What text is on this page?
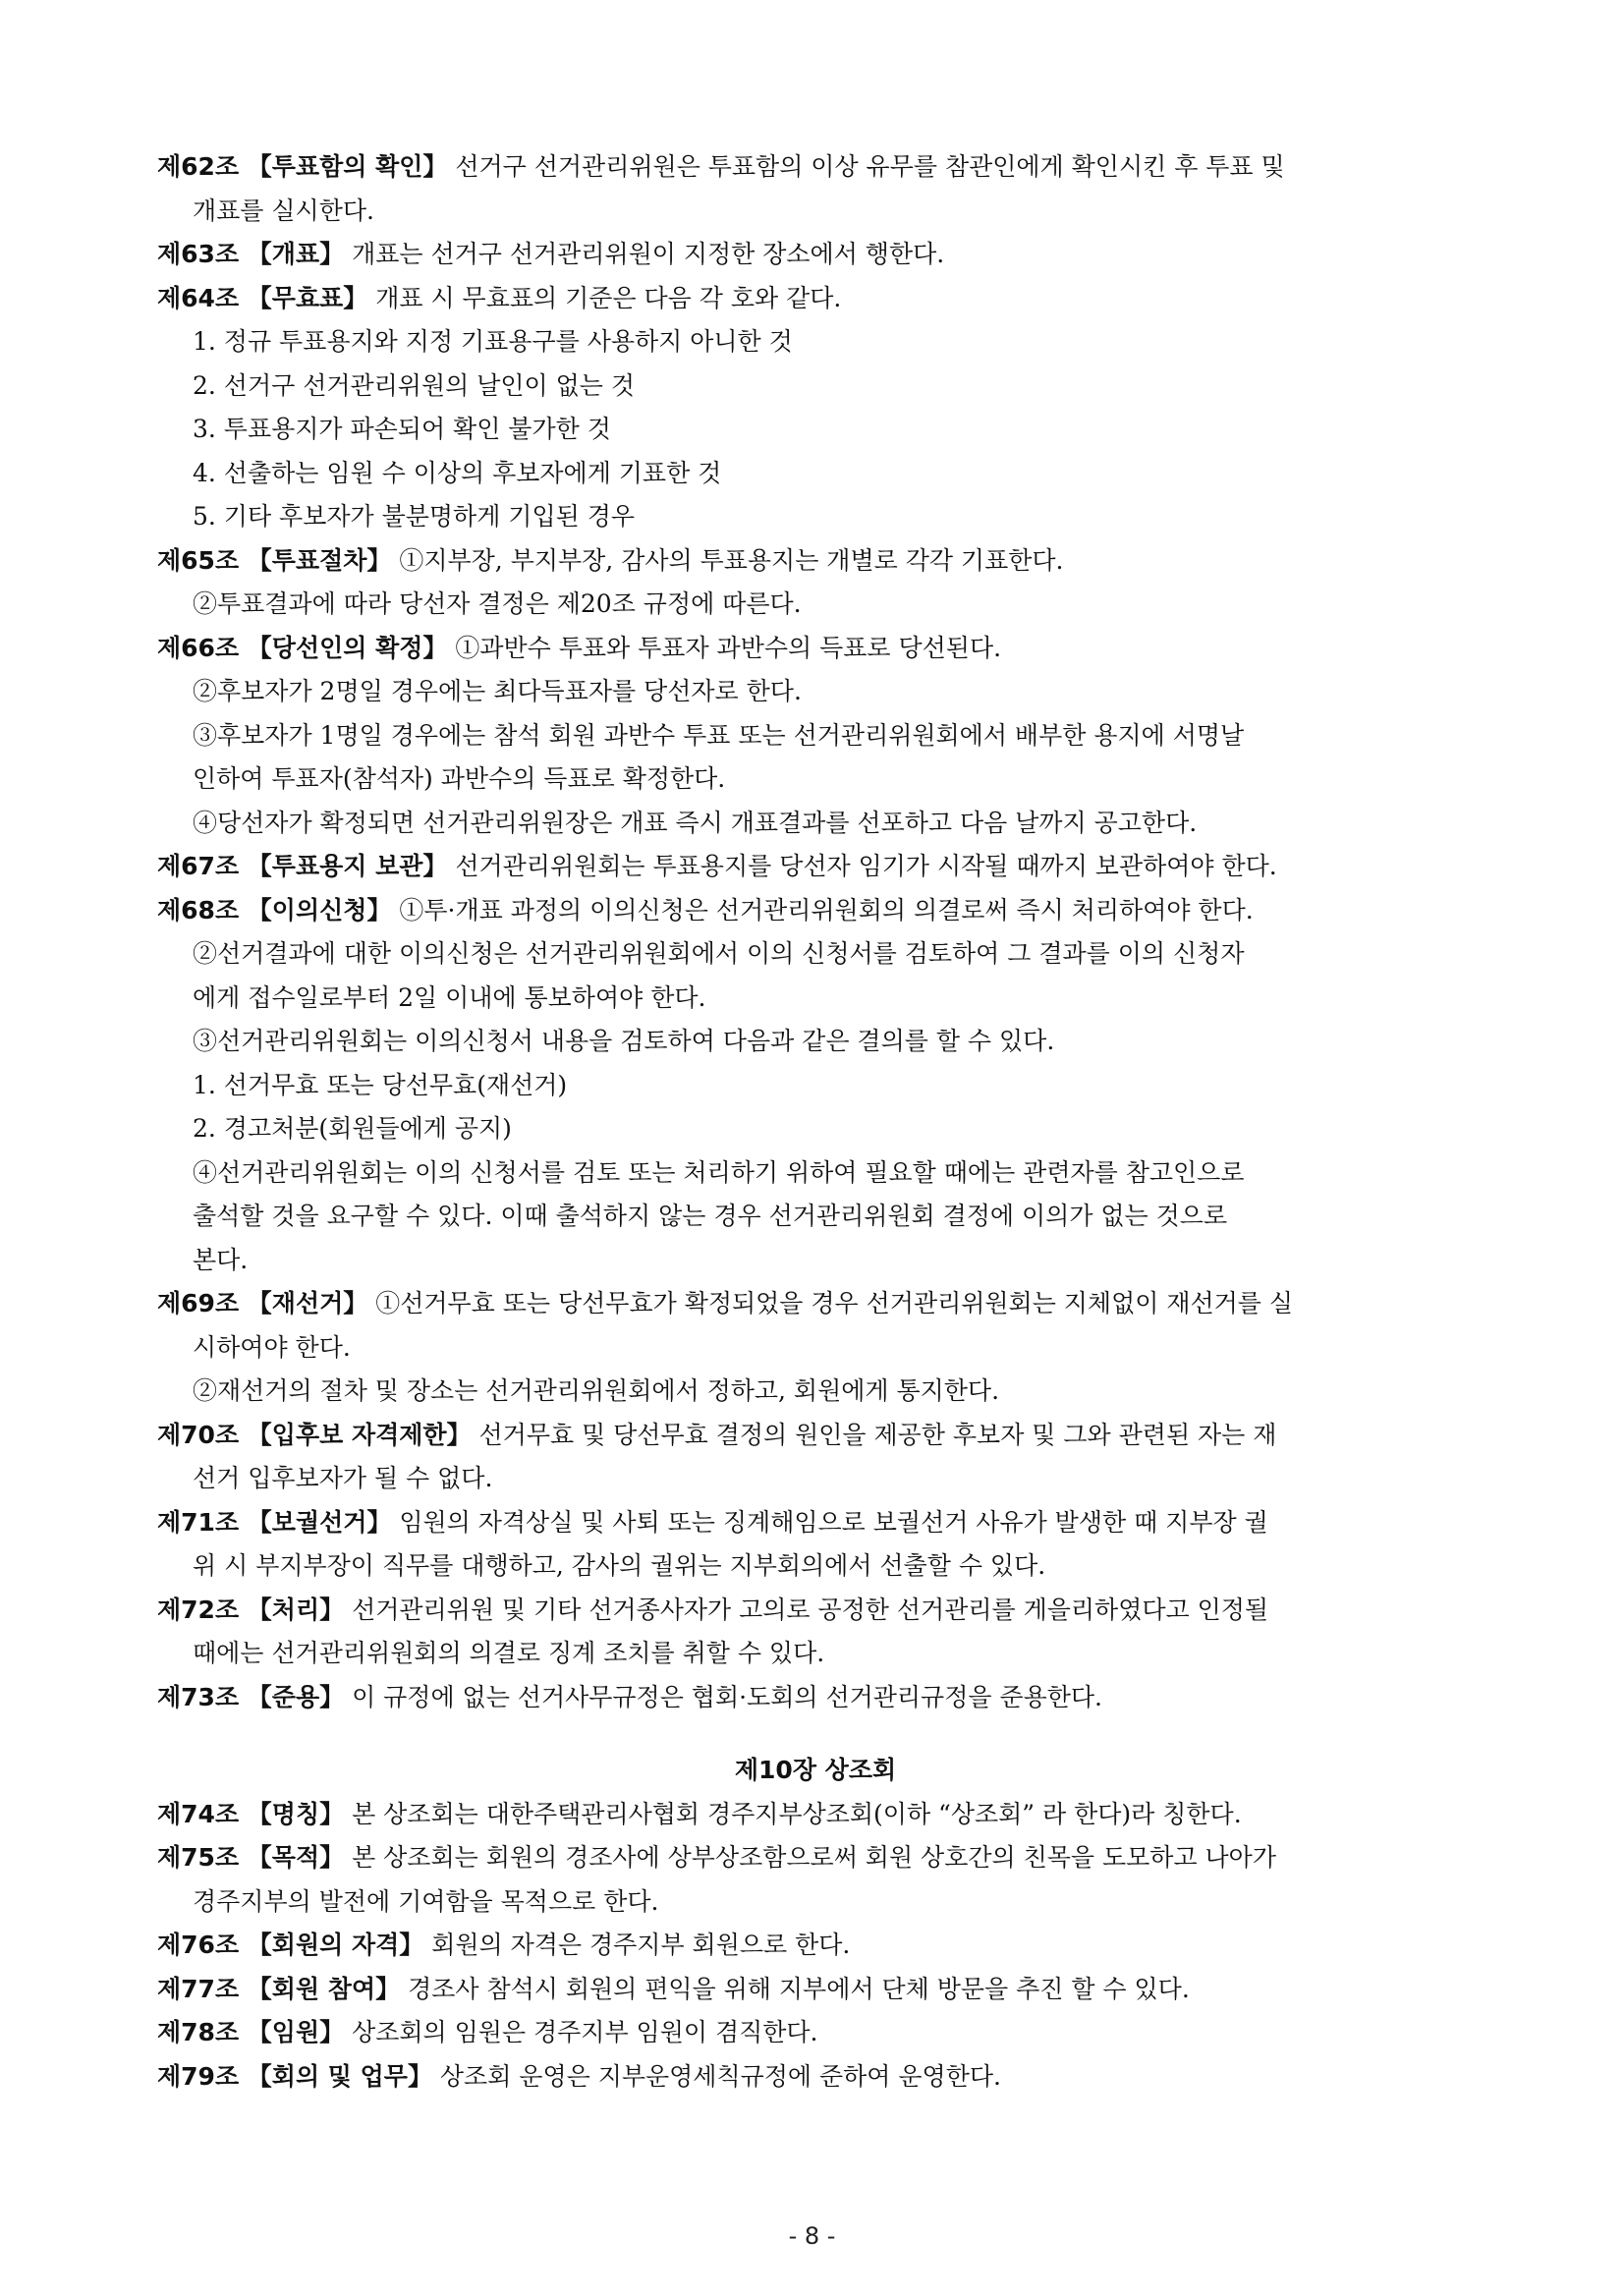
제62조 【투표함의 확인】 선거구 선거관리위원은 투표함의 이상 유무를 참관인에게 확인시킨 후 투표 및
개표를 실시한다.
제63조 【개표】 개표는 선거구 선거관리위원이 지정한 장소에서 행한다.
제64조 【무효표】 개표 시 무효표의 기준은 다음 각 호와 같다.
1. 정규 투표용지와 지정 기표용구를 사용하지 아니한 것
2. 선거구 선거관리위원의 날인이 없는 것
3. 투표용지가 파손되어 확인 불가한 것
4. 선출하는 임원 수 이상의 후보자에게 기표한 것
5. 기타 후보자가 불분명하게 기입된 경우
제65조 【투표절차】 ①지부장, 부지부장, 감사의 투표용지는 개별로 각각 기표한다.
②투표결과에 따라 당선자 결정은 제20조 규정에 따른다.
제66조 【당선인의 확정】 ①과반수 투표와 투표자 과반수의 득표로 당선된다.
②후보자가 2명일 경우에는 최다득표자를 당선자로 한다.
③후보자가 1명일 경우에는 참석 회원 과반수 투표 또는 선거관리위원회에서 배부한 용지에 서명날
인하여 투표자(참석자) 과반수의 득표로 확정한다.
④당선자가 확정되면 선거관리위원장은 개표 즉시 개표결과를 선포하고 다음 날까지 공고한다.
제67조 【투표용지 보관】 선거관리위원회는 투표용지를 당선자 임기가 시작될 때까지 보관하여야 한다.
제68조 【이의신청】 ①투·개표 과정의 이의신청은 선거관리위원회의 의결로써 즉시 처리하여야 한다.
②선거결과에 대한 이의신청은 선거관리위원회에서 이의 신청서를 검토하여 그 결과를 이의 신청자
에게 접수일로부터 2일 이내에 통보하여야 한다.
③선거관리위원회는 이의신청서 내용을 검토하여 다음과 같은 결의를 할 수 있다.
1. 선거무효 또는 당선무효(재선거)
2. 경고처분(회원들에게 공지)
④선거관리위원회는 이의 신청서를 검토 또는 처리하기 위하여 필요할 때에는 관련자를 참고인으로
출석할 것을 요구할 수 있다. 이때 출석하지 않는 경우 선거관리위원회 결정에 이의가 없는 것으로
본다.
제69조 【재선거】 ①선거무효 또는 당선무효가 확정되었을 경우 선거관리위원회는 지체없이 재선거를 실
시하여야 한다.
②재선거의 절차 및 장소는 선거관리위원회에서 정하고, 회원에게 통지한다.
제70조 【입후보 자격제한】 선거무효 및 당선무효 결정의 원인을 제공한 후보자 및 그와 관련된 자는 재
선거 입후보자가 될 수 없다.
제71조 【보궐선거】 임원의 자격상실 및 사퇴 또는 징계해임으로 보궐선거 사유가 발생한 때 지부장 궐
위 시 부지부장이 직무를 대행하고, 감사의 궐위는 지부회의에서 선출할 수 있다.
제72조 【처리】 선거관리위원 및 기타 선거종사자가 고의로 공정한 선거관리를 게을리하였다고 인정될
때에는 선거관리위원회의 의결로 징계 조치를 취할 수 있다.
제73조 【준용】 이 규정에 없는 선거사무규정은 협회·도회의 선거관리규정을 준용한다.
제10장 상조회
제74조 【명칭】 본 상조회는 대한주택관리사협회 경주지부상조회(이하 “상조회” 라 한다)라 칭한다.
제75조 【목적】 본 상조회는 회원의 경조사에 상부상조함으로써 회원 상호간의 친목을 도모하고 나아가
경주지부의 발전에 기여함을 목적으로 한다.
제76조 【회원의 자격】 회원의 자격은 경주지부 회원으로 한다.
제77조 【회원 참여】 경조사 참석시 회원의 편익을 위해 지부에서 단체 방문을 추진 할 수 있다.
제78조 【임원】 상조회의 임원은 경주지부 임원이 겸직한다.
제79조 【회의 및 업무】 상조회 운영은 지부운영세칙규정에 준하여 운영한다.
- 8 -
